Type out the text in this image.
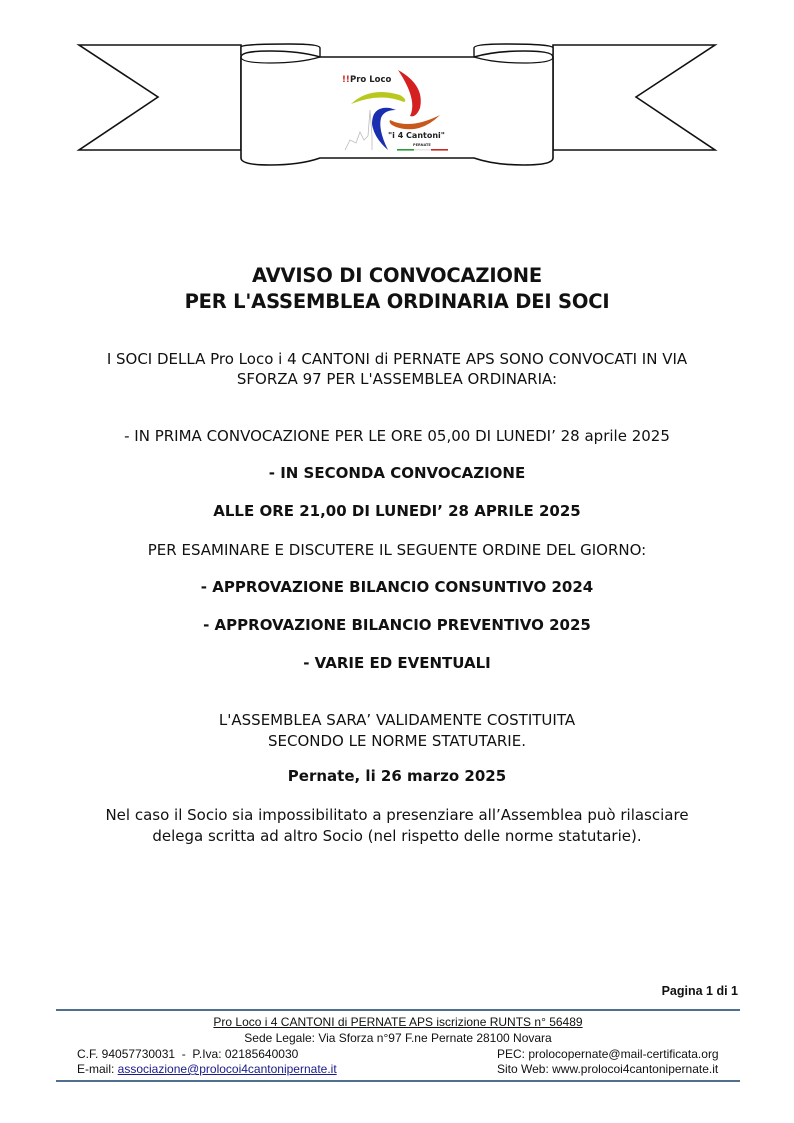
!! Pro Loco
"i 4 Cantoni"
PERNATE
AVVISO DI CONVOCAZIONE
PER L'ASSEMBLEA ORDINARIA DEI SOCI
I SOCI DELLA Pro Loco i 4 CANTONI di PERNATE APS SONO CONVOCATI IN VIA
SFORZA 97 PER L'ASSEMBLEA ORDINARIA:
- IN PRIMA CONVOCAZIONE PER LE ORE 05,00 DI LUNEDI’ 28 aprile 2025
- IN SECONDA CONVOCAZIONE
ALLE ORE 21,00 DI LUNEDI’ 28 APRILE 2025
PER ESAMINARE E DISCUTERE IL SEGUENTE ORDINE DEL GIORNO:
- APPROVAZIONE BILANCIO CONSUNTIVO 2024
- APPROVAZIONE BILANCIO PREVENTIVO 2025
- VARIE ED EVENTUALI
L'ASSEMBLEA SARA’ VALIDAMENTE COSTITUITA
SECONDO LE NORME STATUTARIE.
Pernate, li 26 marzo 2025
Nel caso il Socio sia impossibilitato a presenziare all’Assemblea può rilasciare
delega scritta ad altro Socio (nel rispetto delle norme statutarie).
Pagina 1 di 1
Pro Loco i 4 CANTONI di PERNATE APS iscrizione RUNTS n° 56489
Sede Legale: Via Sforza n°97 F.ne Pernate 28100 Novara
C.F. 94057730031  -  P.Iva: 02185640030
E-mail: associazione@prolocoi4cantonipernate.it
PEC: prolocopernate@mail-certificata.org
Sito Web: www.prolocoi4cantonipernate.it
